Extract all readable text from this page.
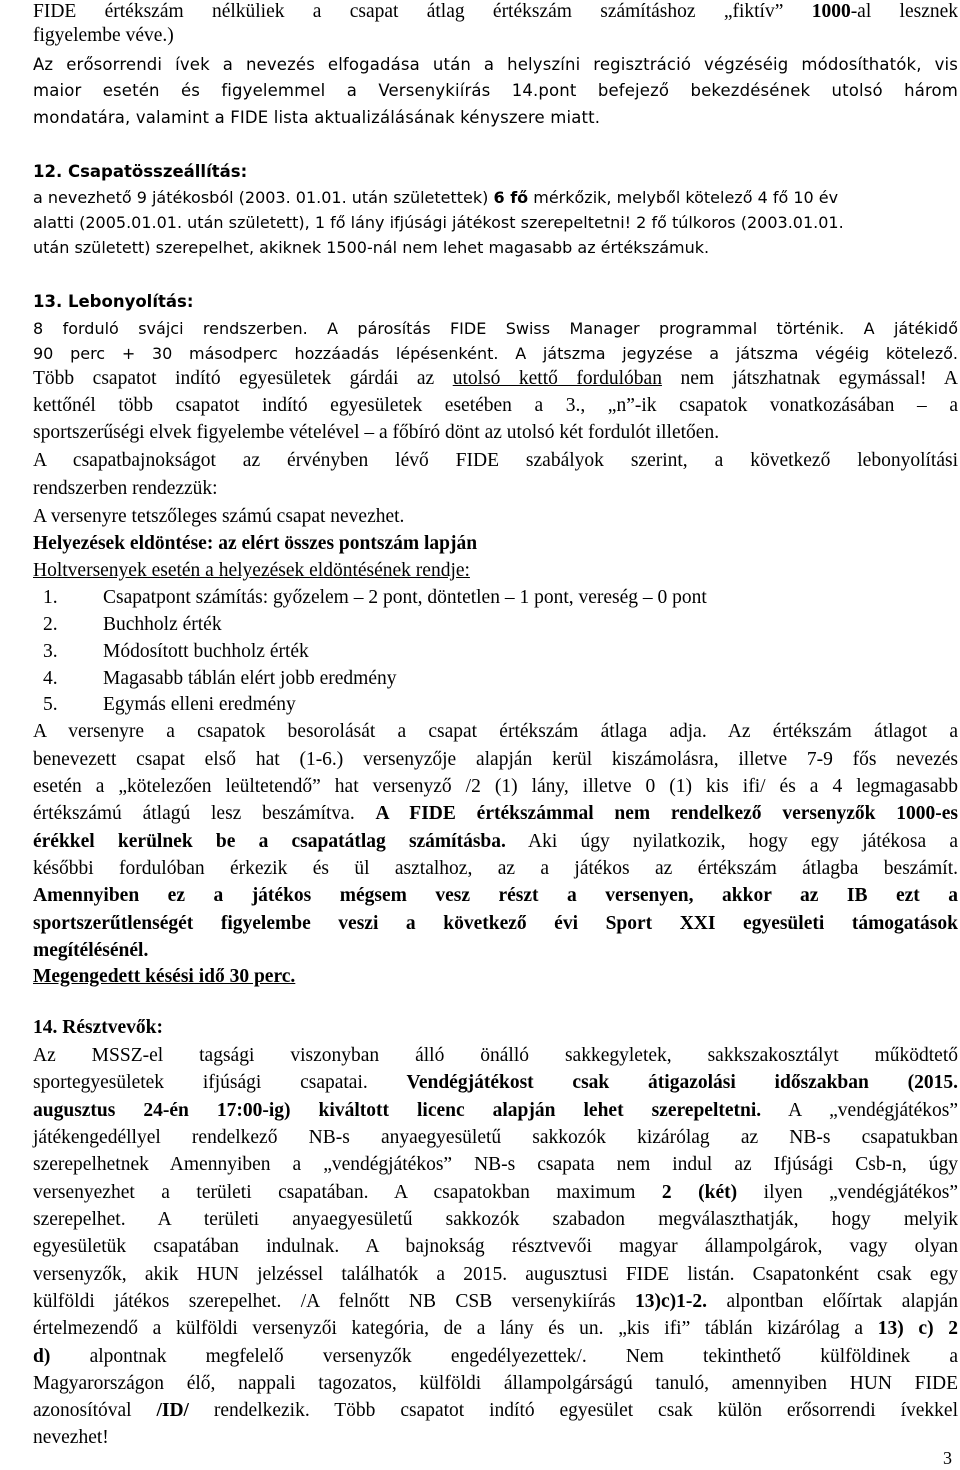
FIDE értékszám nélküliek a csapat átlag értékszám számításhoz „fiktív” 1000-al lesznek
figyelembe véve.)
Az erősorrendi ívek a nevezés elfogadása után a helyszíni regisztráció végzéséig módosíthatók, vis
maior esetén és figyelemmel a Versenykiírás 14.pont befejező bekezdésének utolsó három
mondatára, valamint a FIDE lista aktualizálásának kényszere miatt.
12. Csapatösszeállítás:
a nevezhető 9 játékosból (2003. 01.01. után születettek) 6 fő mérkőzik, melyből kötelező 4 fő 10 év
alatti (2005.01.01. után született), 1 fő lány ifjúsági játékost szerepeltetni! 2 fő túlkoros (2003.01.01.
után született) szerepelhet, akiknek 1500-nál nem lehet magasabb az értékszámuk.
13. Lebonyolítás:
8 forduló svájci rendszerben. A párosítás FIDE Swiss Manager programmal történik. A játékidő
90 perc + 30 másodperc hozzáadás lépésenként. A játszma jegyzése a játszma végéig kötelező.
Több csapatot indító egyesületek gárdái az utolsó kettő fordulóban nem játszhatnak egymással! A
kettőnél több csapatot indító egyesületek esetében a 3., „n”-ik csapatok vonatkozásában – a
sportszerűségi elvek figyelembe vételével – a főbíró dönt az utolsó két fordulót illetően.
A csapatbajnokságot az érvényben lévő FIDE szabályok szerint, a következő lebonyolítási
rendszerben rendezzük:
A versenyre tetszőleges számú csapat nevezhet.
Helyezések eldöntése: az elért összes pontszám lapján
Holtversenyek esetén a helyezések eldöntésének rendje:
1. Csapatpont számítás: győzelem – 2 pont, döntetlen – 1 pont, vereség – 0 pont
2. Buchholz érték
3. Módosított buchholz érték
4. Magasabb táblán elért jobb eredmény
5. Egymás elleni eredmény
A versenyre a csapatok besorolását a csapat értékszám átlaga adja. Az értékszám átlagot a
benevezett csapat első hat (1-6.) versenyzője alapján kerül kiszámolásra, illetve 7-9 fős nevezés
esetén a „kötelezően leültetendő” hat versenyző /2 (1) lány, illetve 0 (1) kis ifi/ és a 4 legmagasabb
értékszámú átlagú lesz beszámítva. A FIDE értékszámmal nem rendelkező versenyzők 1000-es
érékkel kerülnek be a csapatátlag számításba. Aki úgy nyilatkozik, hogy egy játékosa a
későbbi fordulóban érkezik és ül asztalhoz, az a játékos az értékszám átlagba beszámít.
Amennyiben ez a játékos mégsem vesz részt a versenyen, akkor az IB ezt a
sportszerűtlenségét figyelembe veszi a következő évi Sport XXI egyesületi támogatások
megítélésénél.
Megengedett késési idő 30 perc.
14. Résztvevők:
Az MSSZ-el tagsági viszonyban álló önálló sakkegyletek, sakkszakosztályt működtető
sportegyesületek ifjúsági csapatai. Vendégjátékost csak átigazolási időszakban (2015.
augusztus 24-én 17:00-ig) kiváltott licenc alapján lehet szerepeltetni. A „vendégjátékos”
játékengedéllyel rendelkező NB-s anyaegyesületű sakkozók kizárólag az NB-s csapatukban
szerepelhetnek Amennyiben a „vendégjátékos” NB-s csapata nem indul az Ifjúsági Csb-n, úgy
versenyezhet a területi csapatában. A csapatokban maximum 2 (két) ilyen „vendégjátékos”
szerepelhet. A területi anyaegyesületű sakkozók szabadon megválaszthatják, hogy melyik
egyesületük csapatában indulnak. A bajnokság résztvevői magyar állampolgárok, vagy olyan
versenyzők, akik HUN jelzéssel találhatók a 2015. augusztusi FIDE listán. Csapatonként csak egy
külföldi játékos szerepelhet. /A felnőtt NB CSB versenykiírás 13)c)1-2. alpontban előírtak alapján
értelmezendő a külföldi versenyzői kategória, de a lány és un. „kis ifi” táblán kizárólag a 13) c) 2
d) alpontnak megfelelő versenyzők engedélyezettek/. Nem tekinthető külföldinek a
Magyarországon élő, nappali tagozatos, külföldi állampolgárságú tanuló, amennyiben HUN FIDE
azonosítóval /ID/ rendelkezik. Több csapatot indító egyesület csak külön erősorrendi ívekkel
nevezhet!
3
